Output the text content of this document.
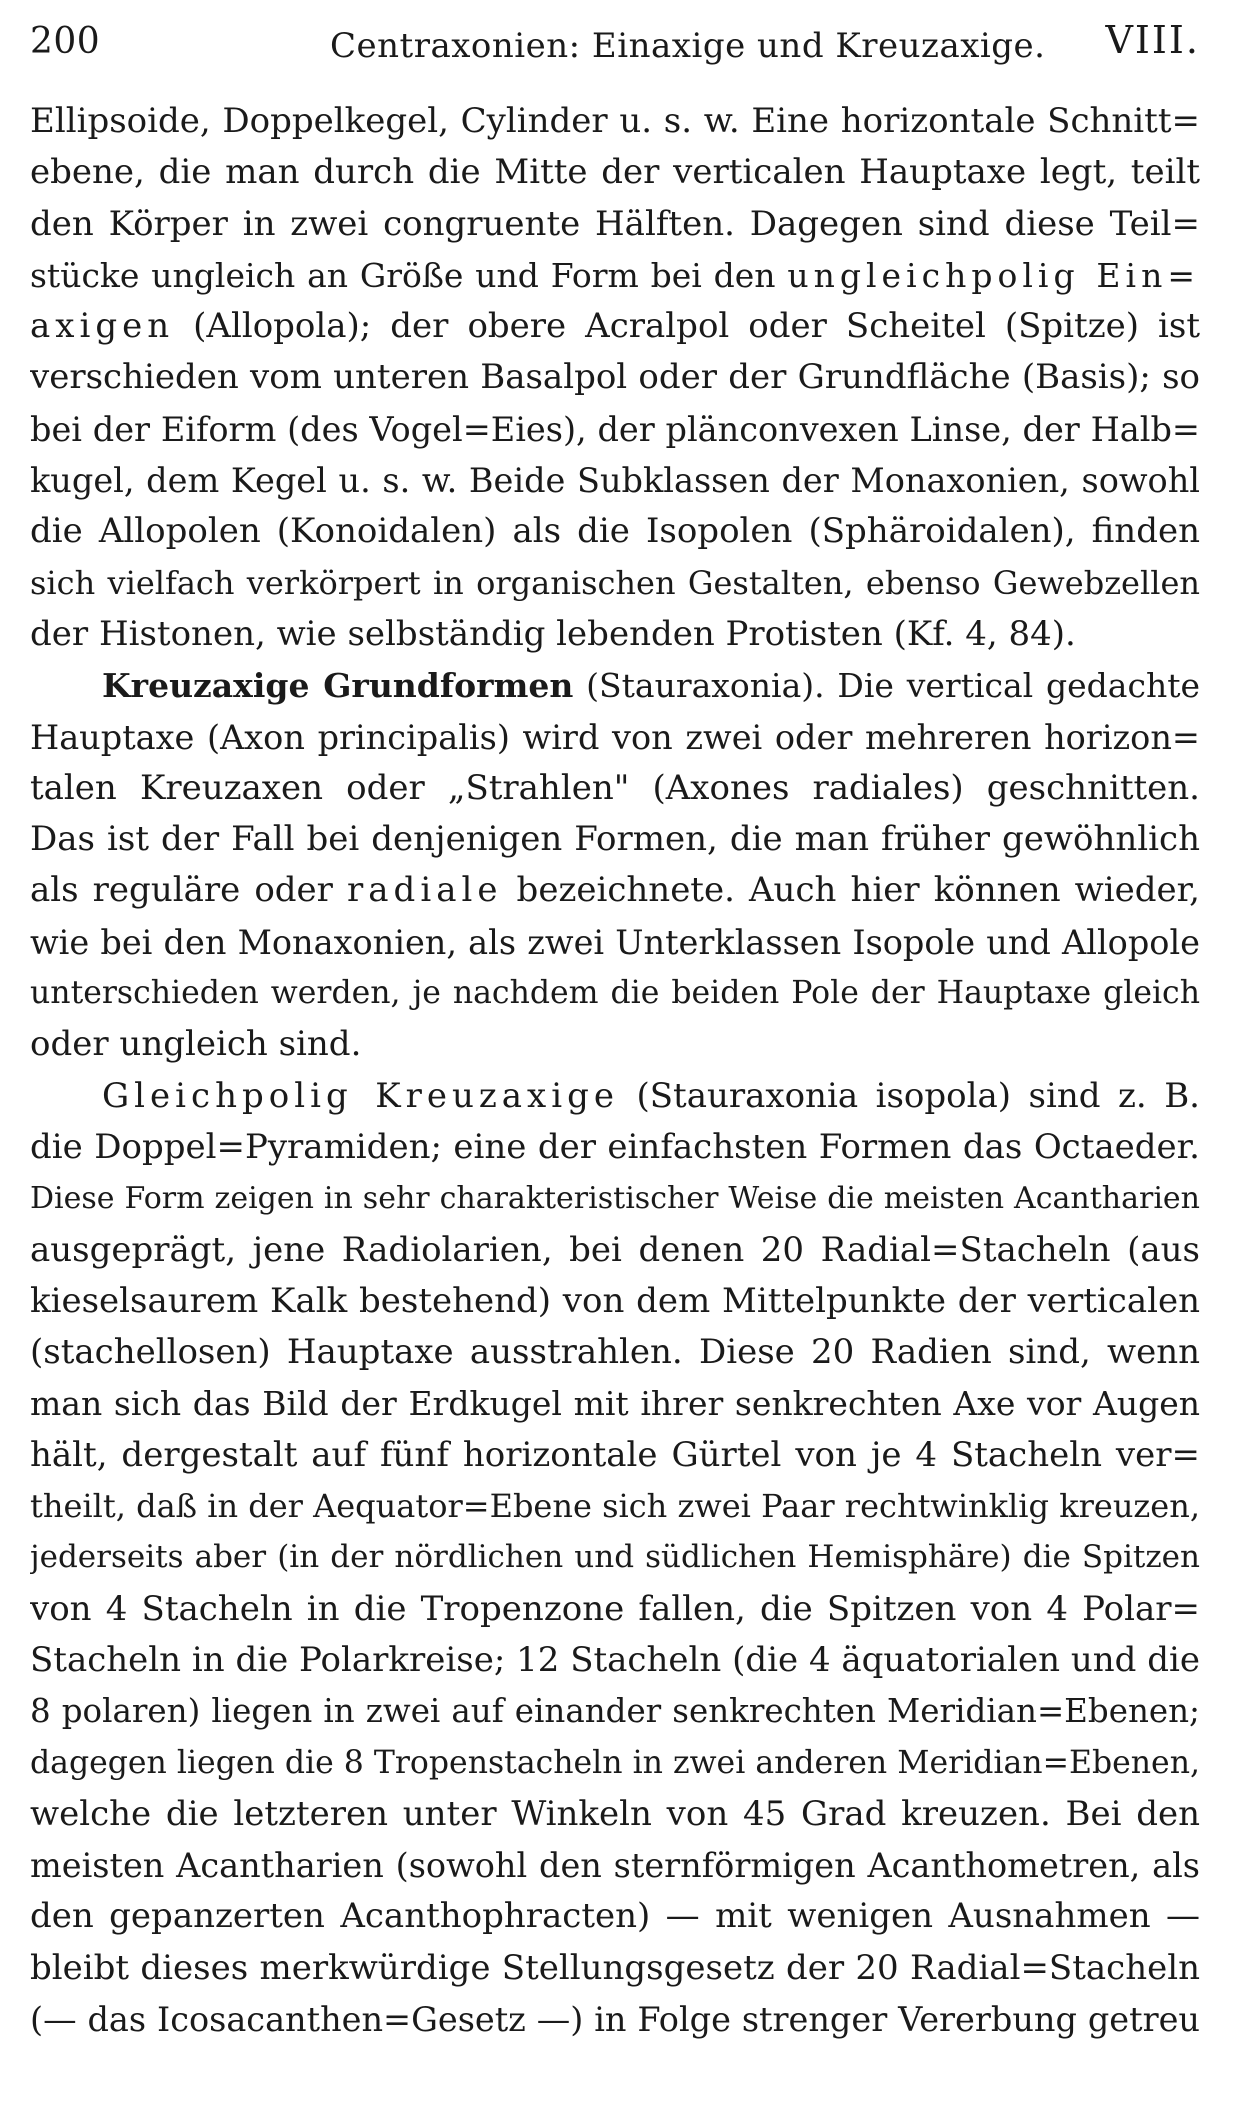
200	Centraxonien: Einaxige und Kreuzaxige. VIII.
Ellipsoide, Doppelkegel, Cylinder u. s. w. Eine horizontale Schnitt=
ebene, die man durch die Mitte der verticalen Hauptaxe legt, teilt
den Körper in zwei congruente Hälften. Dagegen sind diese Teil=
stücke ungleich an Größe und Form bei den ungleichpolig Ein=
axigen (Allopola); der obere Acralpol oder Scheitel (Spitze) ist
verschieden vom unteren Basalpol oder der Grundfläche (Basis); so
bei der Eiform (des Vogel=Eies), der plänconvexen Linse, der Halb=
kugel, dem Kegel u. s. w. Beide Subklassen der Monaxonien, sowohl
die Allopolen (Konoidalen) als die Isopolen (Sphäroidalen), finden
sich vielfach verkörpert in organischen Gestalten, ebenso Gewebzellen
der Histonen, wie selbständig lebenden Protisten (Kf. 4, 84).
Kreuzaxige Grundformen (Stauraxonia). Die vertical gedachte
Hauptaxe (Axon principalis) wird von zwei oder mehreren horizon=
talen Kreuzaxen oder „Strahlen" (Axones radiales) geschnitten.
Das ist der Fall bei denjenigen Formen, die man früher gewöhnlich
als reguläre oder radiale bezeichnete. Auch hier können wieder,
wie bei den Monaxonien, als zwei Unterklassen Isopole und Allopole
unterschieden werden, je nachdem die beiden Pole der Hauptaxe gleich
oder ungleich sind.
Gleichpolig Kreuzaxige (Stauraxonia isopola) sind z. B.
die Doppel=Pyramiden; eine der einfachsten Formen das Octaeder.
Diese Form zeigen in sehr charakteristischer Weise die meisten Acantharien
ausgeprägt, jene Radiolarien, bei denen 20 Radial=Stacheln (aus
kieselsaurem Kalk bestehend) von dem Mittelpunkte der verticalen
(stachellosen) Hauptaxe ausstrahlen. Diese 20 Radien sind, wenn
man sich das Bild der Erdkugel mit ihrer senkrechten Axe vor Augen
hält, dergestalt auf fünf horizontale Gürtel von je 4 Stacheln ver=
theilt, daß in der Aequator=Ebene sich zwei Paar rechtwinklig kreuzen,
jederseits aber (in der nördlichen und südlichen Hemisphäre) die Spitzen
von 4 Stacheln in die Tropenzone fallen, die Spitzen von 4 Polar=
Stacheln in die Polarkreise; 12 Stacheln (die 4 äquatorialen und die
8 polaren) liegen in zwei auf einander senkrechten Meridian=Ebenen;
dagegen liegen die 8 Tropenstacheln in zwei anderen Meridian=Ebenen,
welche die letzteren unter Winkeln von 45 Grad kreuzen. Bei den
meisten Acantharien (sowohl den sternförmigen Acanthometren, als
den gepanzerten Acanthophracten) — mit wenigen Ausnahmen —
bleibt dieses merkwürdige Stellungsgesetz der 20 Radial=Stacheln
(— das Icosacanthen=Gesetz —) in Folge strenger Vererbung getreu
